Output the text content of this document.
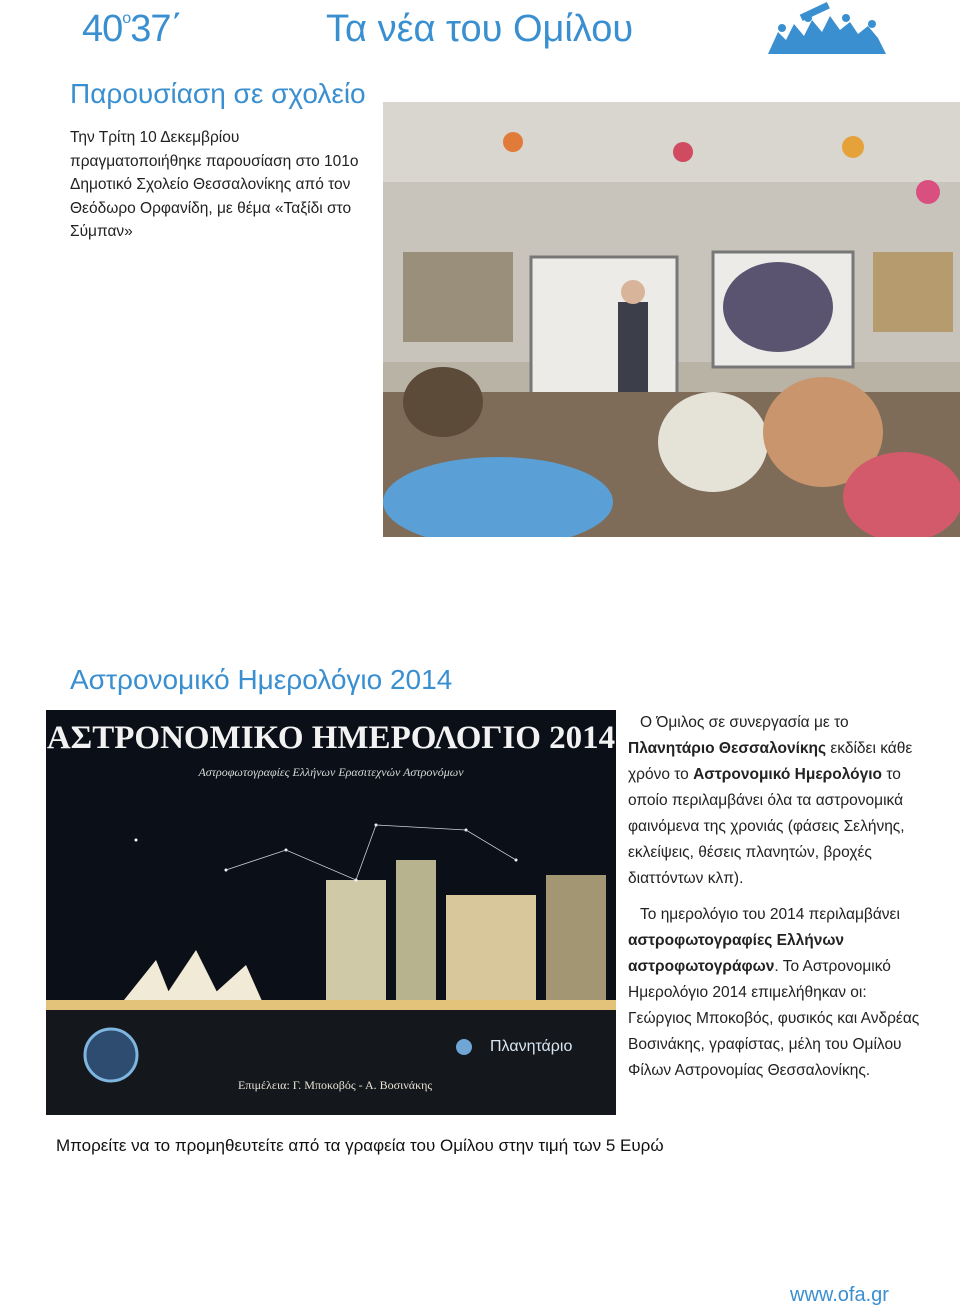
$40^o37΄$	Τα νέα του Ομίλου
Παρουσίαση σε σχολείο
Την Τρίτη 10 Δεκεμβρίου πραγματοποιήθηκε παρουσίαση στο 101ο Δημοτικό Σχολείο Θεσσαλονίκης από τον Θεόδωρο Ορφανίδη, με θέμα «Ταξίδι στο Σύμπαν»
Αστρονομικό Ημερολόγιο 2014
ΑΣΤΡΟΝΟΜΙΚΟ ΗΜΕΡΟΛΟΓΙΟ 2014
Αστροφωτογραφίες Ελλήνων Ερασιτεχνών Αστρονόμων
Επιμέλεια: Γ. Μποκοβός - Α. Βοσινάκης
Πλανητάριο

Ο Όμιλος σε συνεργασία με το Πλανητάριο Θεσσαλονίκης εκδίδει κάθε χρόνο το Αστρονομικό Ημερολόγιο το οποίο περιλαμβάνει όλα τα αστρονομικά φαινόμενα της χρονιάς (φάσεις Σελήνης, εκλείψεις, θέσεις πλανητών, βροχές διαττόντων κλπ).

Το ημερολόγιο του 2014 περιλαμβάνει αστροφωτογραφίες Ελλήνων αστροφωτογράφων. Το Αστρονομικό Ημερολόγιο 2014 επιμελήθηκαν οι: Γεώργιος Μποκοβός, φυσικός και Ανδρέας Βοσινάκης, γραφίστας, μέλη του Ομίλου Φίλων Αστρονομίας Θεσσαλονίκης.

Μπορείτε να το προμηθευτείτε από τα γραφεία του Ομίλου στην τιμή των 5 Ευρώ
www.ofa.gr
